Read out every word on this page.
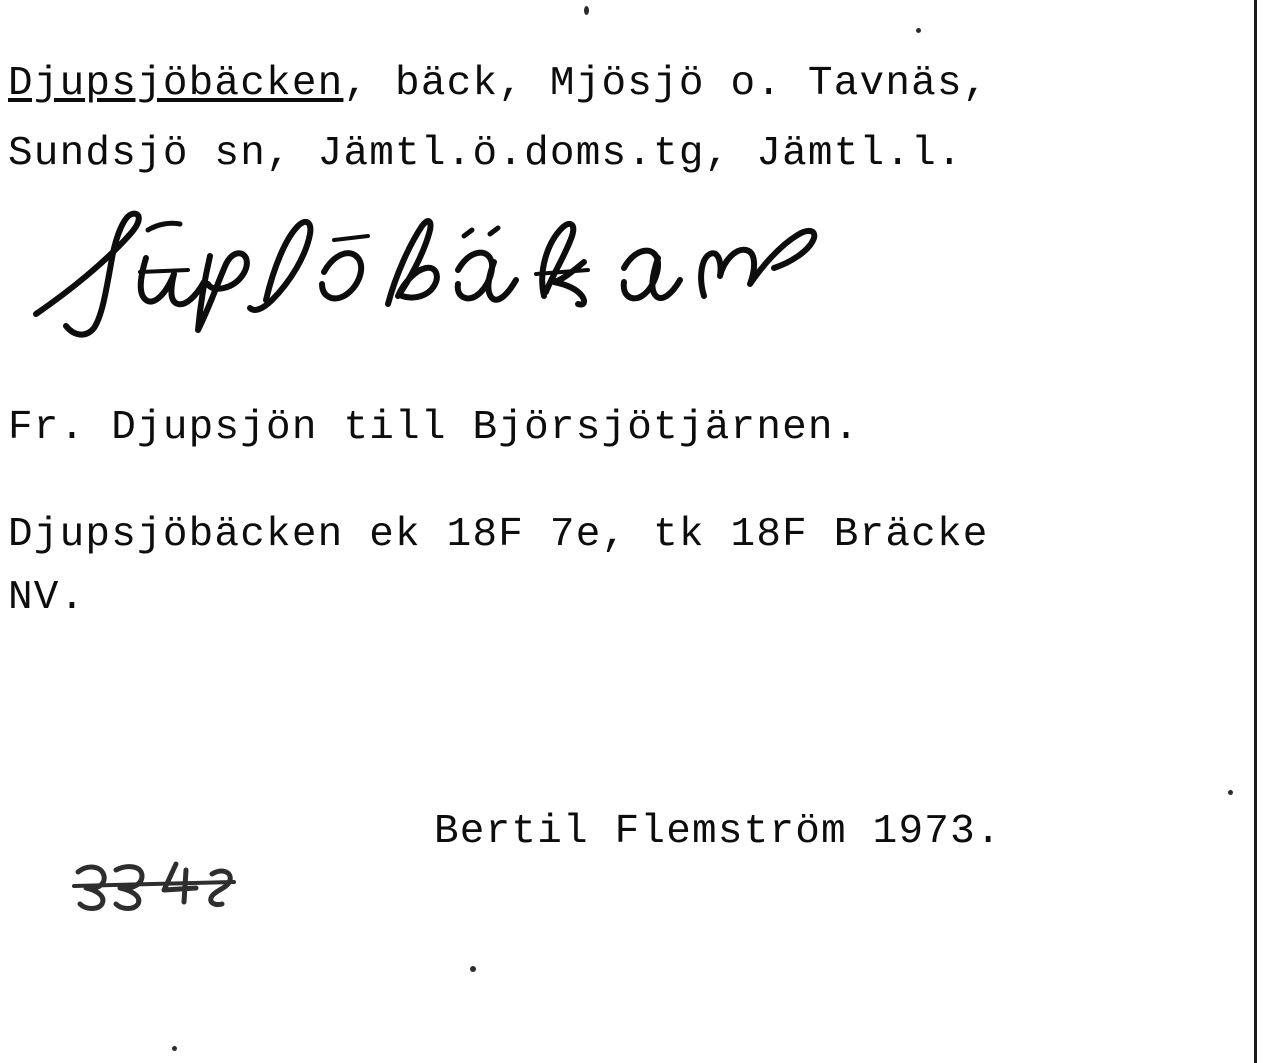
Djupsjöbäcken, bäck, Mjösjö o. Tavnäs,
Sundsjö sn, Jämtl.ö.doms.tg, Jämtl.l.
Fr. Djupsjön till Björsjötjärnen.
Djupsjöbäcken ek 18F 7e, tk 18F Bräcke
NV.
Bertil Flemström 1973.
